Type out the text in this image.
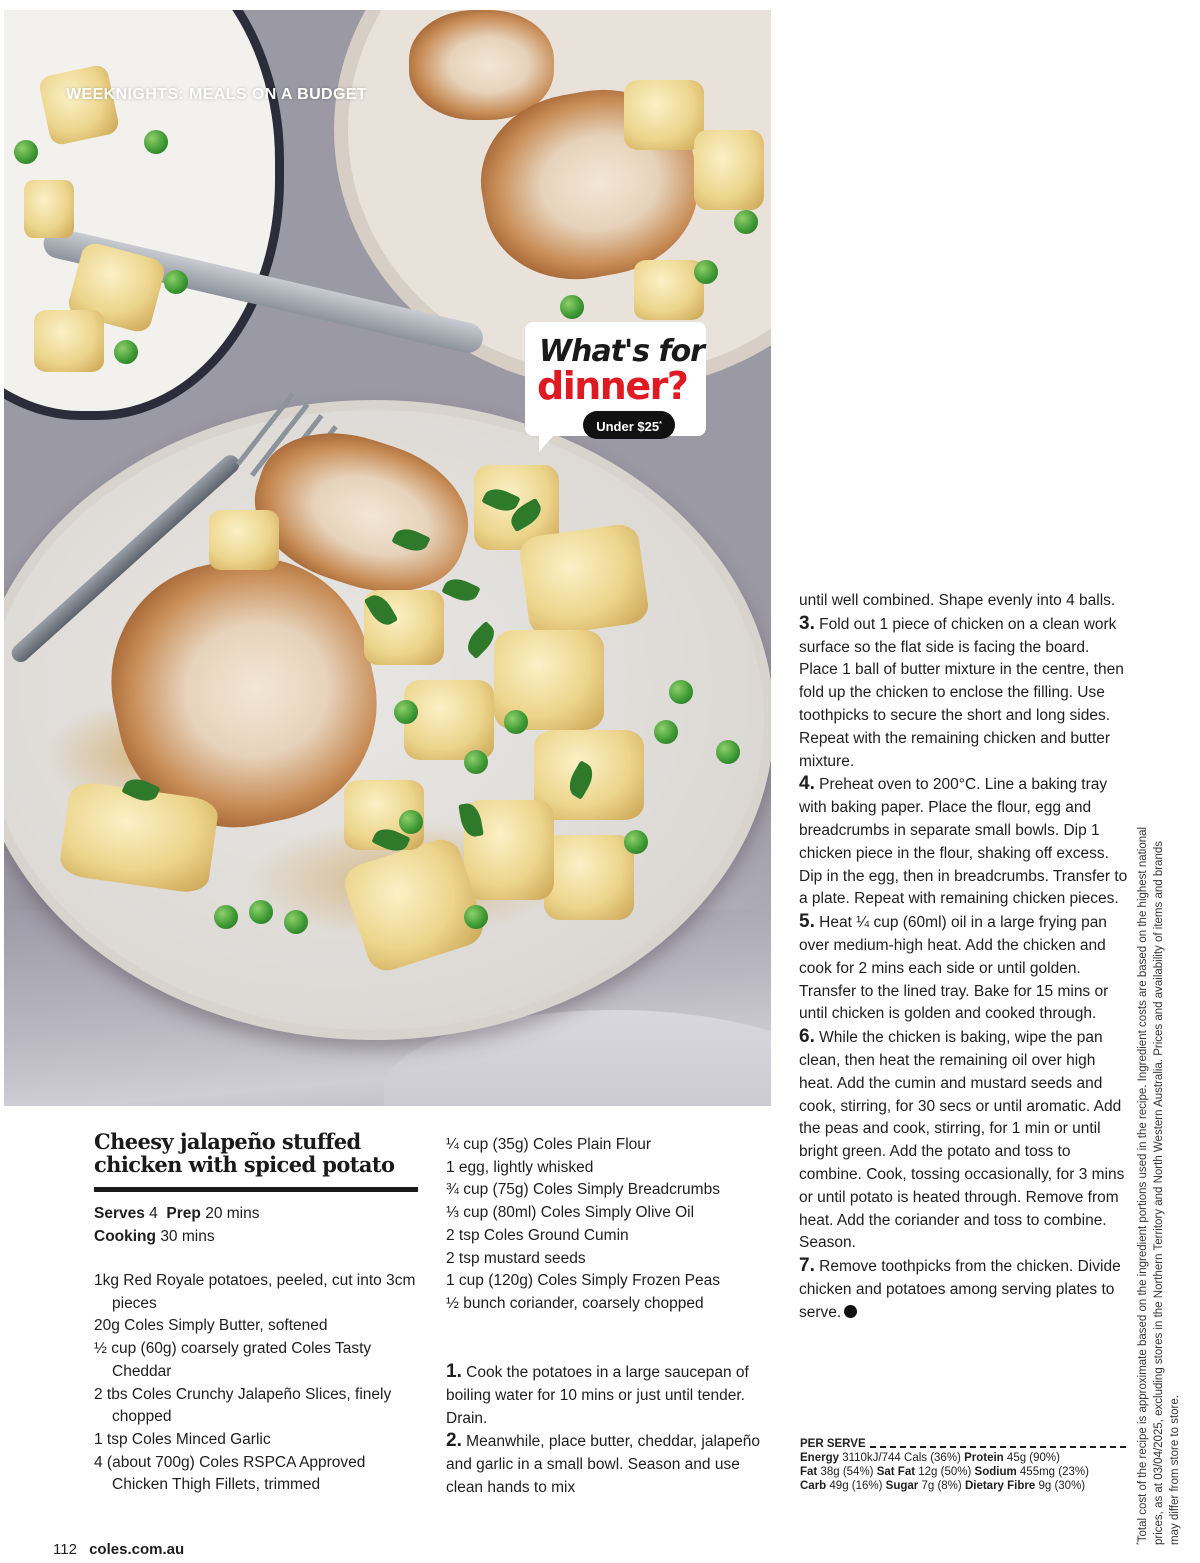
WEEKNIGHTS: MEALS ON A BUDGET
What's for
dinner?
Under $25*
Cheesy jalapeño stuffed chicken with spiced potato
Serves 4 Prep 20 mins
Cooking 30 mins
1kg Red Royale potatoes, peeled, cut into 3cm pieces
20g Coles Simply Butter, softened
½ cup (60g) coarsely grated Coles Tasty Cheddar
2 tbs Coles Crunchy Jalapeño Slices, finely chopped
1 tsp Coles Minced Garlic
4 (about 700g) Coles RSPCA Approved Chicken Thigh Fillets, trimmed
¼ cup (35g) Coles Plain Flour
1 egg, lightly whisked
¾ cup (75g) Coles Simply Breadcrumbs
⅓ cup (80ml) Coles Simply Olive Oil
2 tsp Coles Ground Cumin
2 tsp mustard seeds
1 cup (120g) Coles Simply Frozen Peas
½ bunch coriander, coarsely chopped

1. Cook the potatoes in a large saucepan of boiling water for 10 mins or just until tender. Drain.

2. Meanwhile, place butter, cheddar, jalapeño and garlic in a small bowl. Season and use clean hands to mix

until well combined. Shape evenly into 4 balls.

3. Fold out 1 piece of chicken on a clean work surface so the flat side is facing the board. Place 1 ball of butter mixture in the centre, then fold up the chicken to enclose the filling. Use toothpicks to secure the short and long sides. Repeat with the remaining chicken and butter mixture.

4. Preheat oven to 200°C. Line a baking tray with baking paper. Place the flour, egg and breadcrumbs in separate small bowls. Dip 1 chicken piece in the flour, shaking off excess. Dip in the egg, then in breadcrumbs. Transfer to a plate. Repeat with remaining chicken pieces.

5. Heat ¼ cup (60ml) oil in a large frying pan over medium-high heat. Add the chicken and cook for 2 mins each side or until golden. Transfer to the lined tray. Bake for 15 mins or until chicken is golden and cooked through.

6. While the chicken is baking, wipe the pan clean, then heat the remaining oil over high heat. Add the cumin and mustard seeds and cook, stirring, for 30 secs or until aromatic. Add the peas and cook, stirring, for 1 min or until bright green. Add the potato and toss to combine. Cook, tossing occasionally, for 3 mins or until potato is heated through. Remove from heat. Add the coriander and toss to combine. Season.

7. Remove toothpicks from the chicken. Divide chicken and potatoes among serving plates to serve.

PER SERVE
Energy 3110kJ/744 Cals (36%) Protein 45g (90%)
Fat 38g (54%) Sat Fat 12g (50%) Sodium 455mg (23%)
Carb 49g (16%) Sugar 7g (8%) Dietary Fibre 9g (30%)
*Total cost of the recipe is approximate based on the ingredient portions used in the recipe. Ingredient costs are based on the highest national prices, as at 03/04/2025, excluding stores in the Northern Territory and North Western Australia. Prices and availability of items and brands may differ from store to store.
112 coles.com.au
